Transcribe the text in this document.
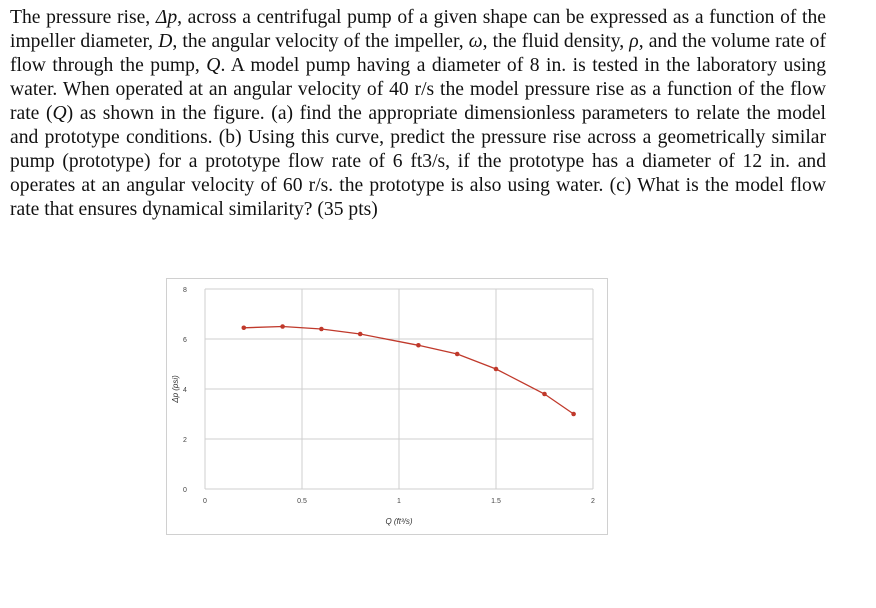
The pressure rise, Δp, across a centrifugal pump of a given shape can be expressed as a function of the impeller diameter, D, the angular velocity of the impeller, ω, the fluid density, ρ, and the volume rate of flow through the pump, Q. A model pump having a diameter of 8 in. is tested in the laboratory using water. When operated at an angular velocity of 40 r/s the model pressure rise as a function of the flow rate (Q) as shown in the figure. (a) find the appropriate dimensionless parameters to relate the model and prototype conditions. (b) Using this curve, predict the pressure rise across a geometrically similar pump (prototype) for a prototype flow rate of 6 ft3/s, if the prototype has a diameter of 12 in. and operates at an angular velocity of 60 r/s. the prototype is also using water. (c) What is the model flow rate that ensures dynamical similarity? (35 pts)
0	0.5	1	1.5	2
0
2
4
6
8
Q (ft³/s)
Δp (psi)
